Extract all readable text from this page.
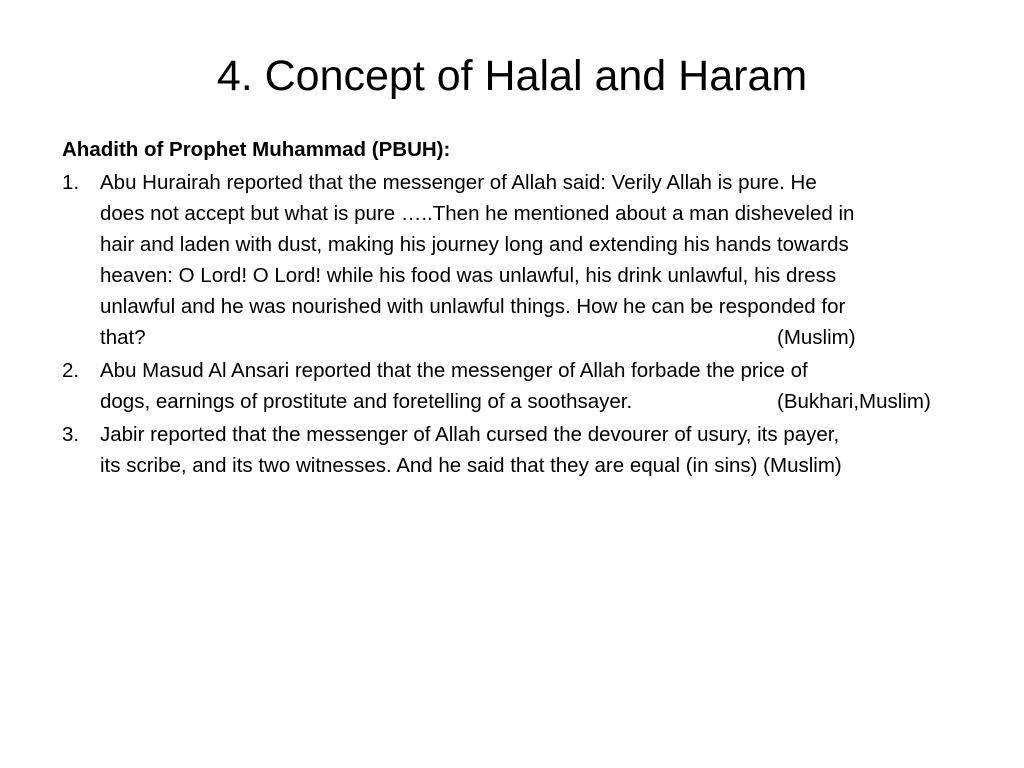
4. Concept of Halal and Haram
Ahadith of Prophet Muhammad (PBUH):
1. Abu Hurairah reported that the messenger of Allah said: Verily Allah is pure. He
does not accept but what is pure …..Then he mentioned about a man disheveled in
hair and laden with dust, making his journey long and extending his hands towards
heaven: O Lord! O Lord! while his food was unlawful, his drink unlawful, his dress
unlawful and he was nourished with unlawful things. How he can be responded for
that?	(Muslim)
2. Abu Masud Al Ansari reported that the messenger of Allah forbade the price of
dogs, earnings of prostitute and foretelling of a soothsayer.	(Bukhari,Muslim)
3. Jabir reported that the messenger of Allah cursed the devourer of usury, its payer,
its scribe, and its two witnesses. And he said that they are equal (in sins) (Muslim)
